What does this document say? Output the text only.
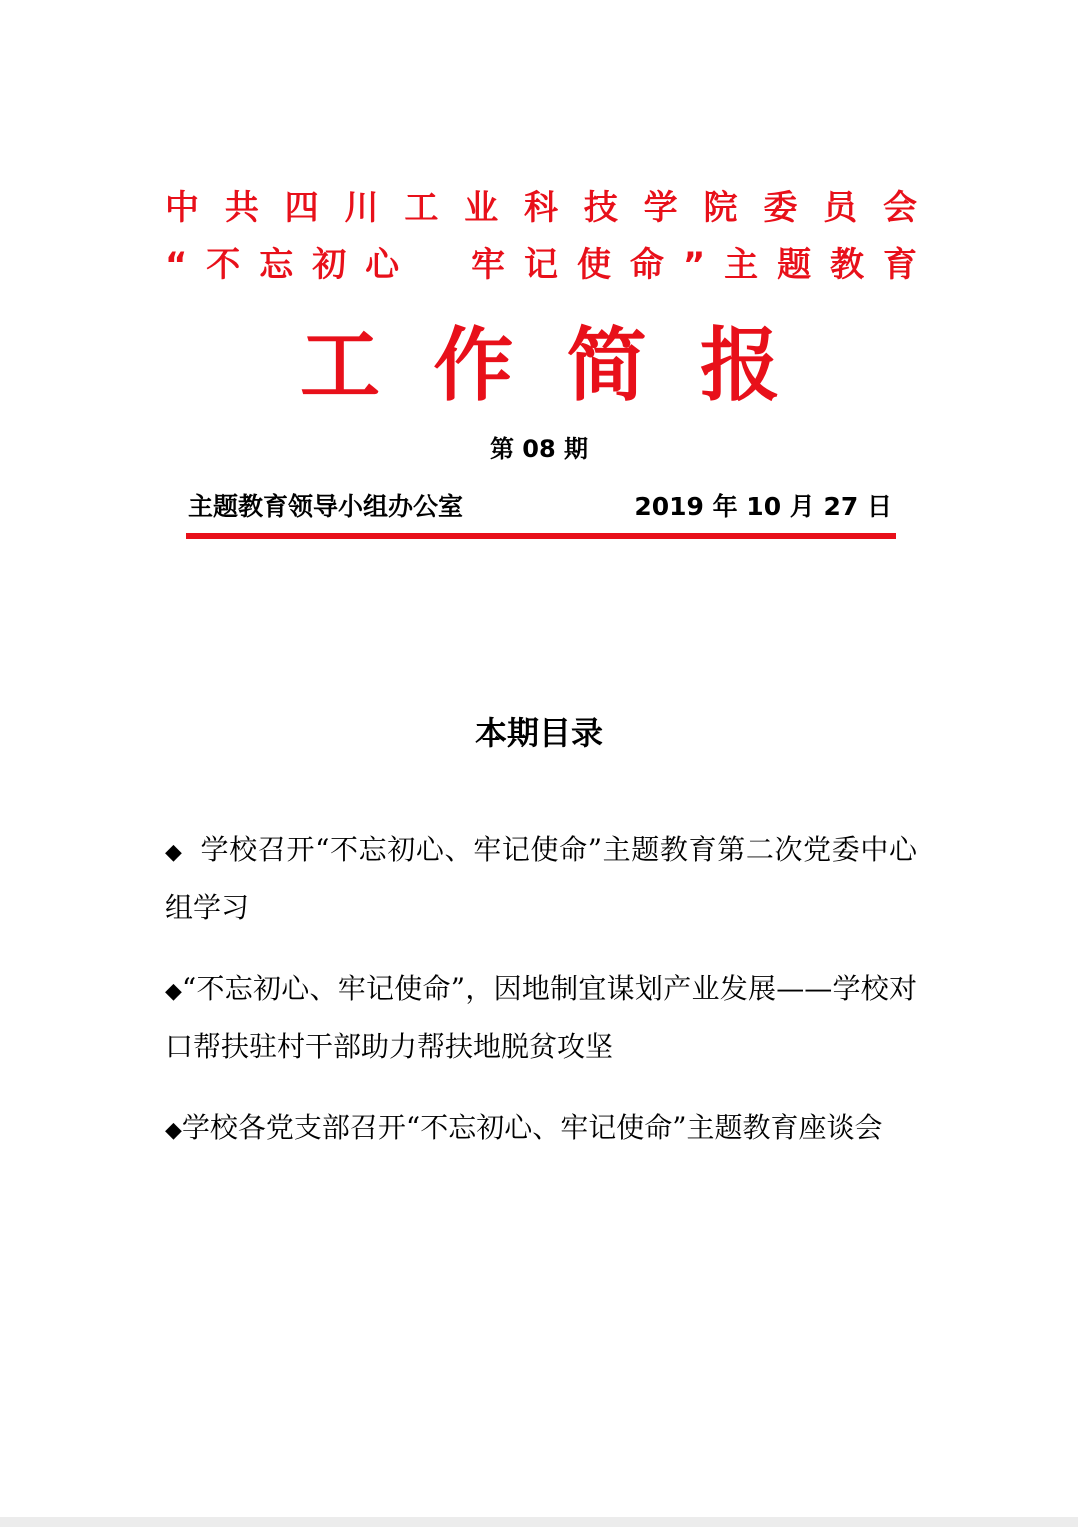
中共四川工业科技学院委员会
“不忘初心　牢记使命”主题教育
工作简报
第 08 期
主题教育领导小组办公室	2019 年 10 月 27 日
本期目录
◆ 学校召开“不忘初心、牢记使命”主题教育第二次党委中心组学习
◆“不忘初心、牢记使命”，因地制宜谋划产业发展——学校对口帮扶驻村干部助力帮扶地脱贫攻坚
◆学校各党支部召开“不忘初心、牢记使命”主题教育座谈会
